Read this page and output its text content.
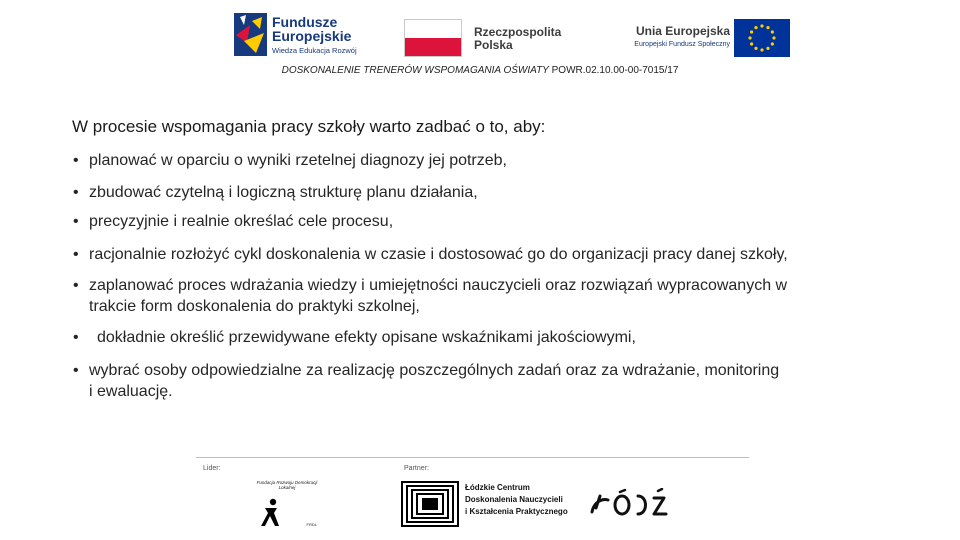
Fundusze
Europejskie
Wiedza Edukacja Rozwój
Rzeczpospolita
Polska
Unia Europejska
Europejski Fundusz Społeczny
DOSKONALENIE TRENERÓW WSPOMAGANIA OŚWIATY POWR.02.10.00-00-7015/17
W procesie wspomagania pracy szkoły warto zadbać o to, aby:
• planować w oparciu o wyniki rzetelnej diagnozy jej potrzeb,
• zbudować czytelną i logiczną strukturę planu działania,
• precyzyjnie i realnie określać cele procesu,
• racjonalnie rozłożyć cykl doskonalenia w czasie i dostosować go do organizacji pracy danej szkoły,
• zaplanować proces wdrażania wiedzy i umiejętności nauczycieli oraz rozwiązań wypracowanych w
trakcie form doskonalenia do praktyki szkolnej,
• dokładnie określić przewidywane efekty opisane wskaźnikami jakościowymi,
• wybrać osoby odpowiedzialne za realizację poszczególnych zadań oraz za wdrażanie, monitoring
i ewaluację.
Lider:	Partner:
Fundacja Rozwoju Demokracji Lokalnej
FRDL
Łódzkie Centrum
Doskonalenia Nauczycieli
i Kształcenia Praktycznego
